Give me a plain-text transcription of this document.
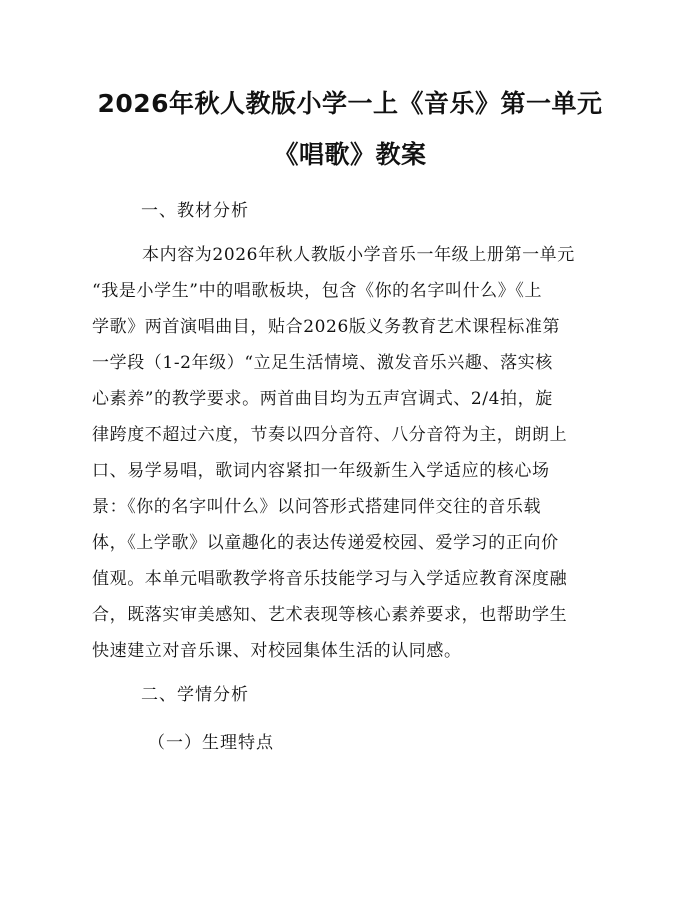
2026年秋人教版小学一上《音乐》第一单元
《唱歌》教案
一、教材分析
本内容为2026年秋人教版小学音乐一年级上册第一单元
“我是小学生”中的唱歌板块，包含《你的名字叫什么》《上
学歌》两首演唱曲目，贴合2026版义务教育艺术课程标准第
一学段（1-2年级）“立足生活情境、激发音乐兴趣、落实核
心素养”的教学要求。两首曲目均为五声宫调式、2/4拍，旋
律跨度不超过六度，节奏以四分音符、八分音符为主，朗朗上
口、易学易唱，歌词内容紧扣一年级新生入学适应的核心场
景：《你的名字叫什么》以问答形式搭建同伴交往的音乐载
体，《上学歌》以童趣化的表达传递爱校园、爱学习的正向价
值观。本单元唱歌教学将音乐技能学习与入学适应教育深度融
合，既落实审美感知、艺术表现等核心素养要求，也帮助学生
快速建立对音乐课、对校园集体生活的认同感。
二、学情分析
（一）生理特点
